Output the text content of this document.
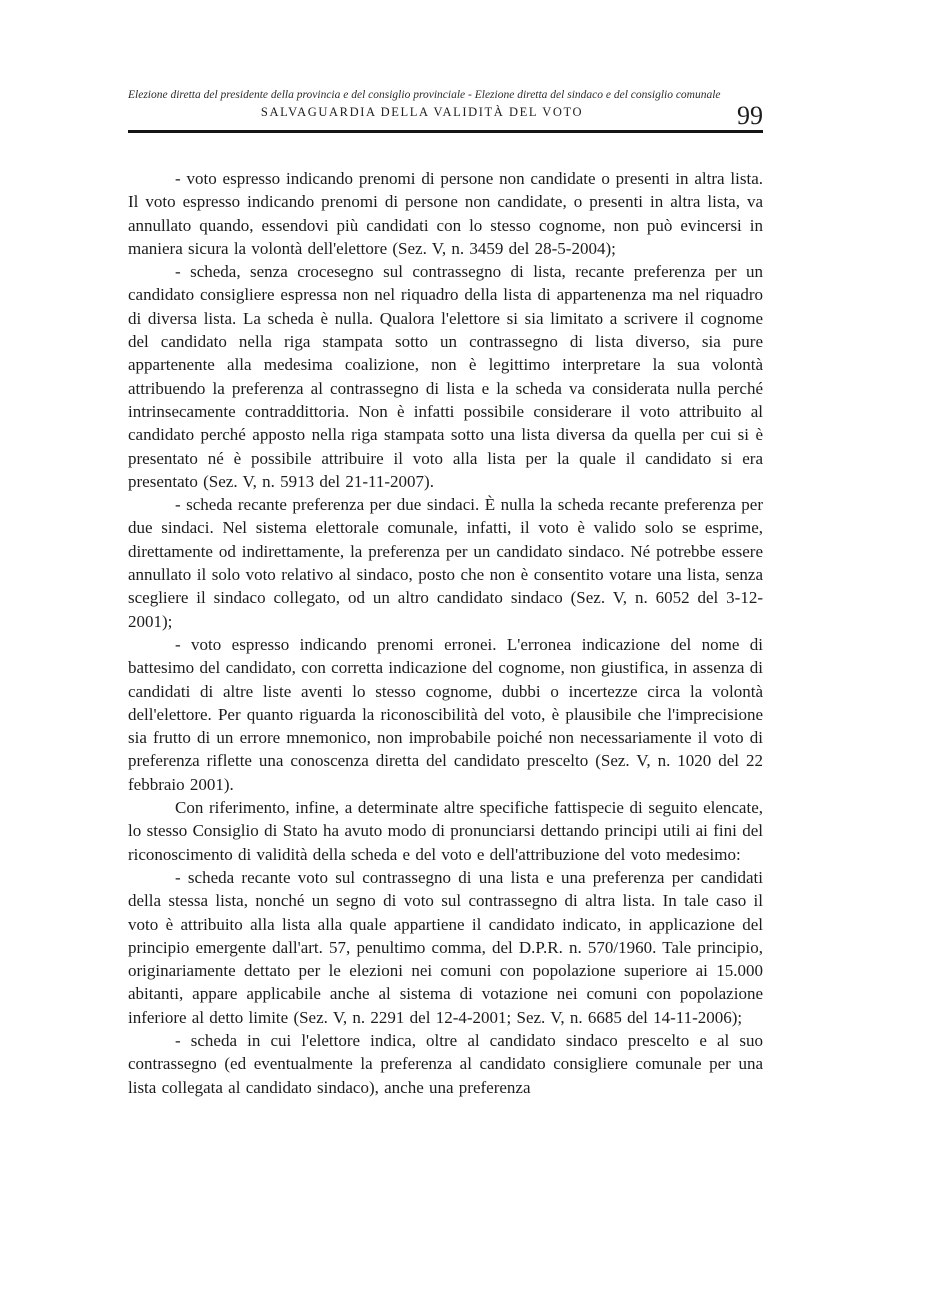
Elezione diretta del presidente della provincia e del consiglio provinciale - Elezione diretta del sindaco e del consiglio comunale
SALVAGUARDIA DELLA VALIDITÀ DEL VOTO	99

- voto espresso indicando prenomi di persone non candidate o presenti in altra lista. Il voto espresso indicando prenomi di persone non candidate, o presenti in altra lista, va annullato quando, essendovi più candidati con lo stesso cognome, non può evincersi in maniera sicura la volontà dell'elettore (Sez. V, n. 3459 del 28-5-2004);

- scheda, senza crocesegno sul contrassegno di lista, recante preferenza per un candidato consigliere espressa non nel riquadro della lista di appartenenza ma nel riquadro di diversa lista. La scheda è nulla. Qualora l'elettore si sia limitato a scrivere il cognome del candidato nella riga stampata sotto un contrassegno di lista diverso, sia pure appartenente alla medesima coalizione, non è legittimo interpretare la sua volontà attribuendo la preferenza al contrassegno di lista e la scheda va considerata nulla perché intrinsecamente contraddittoria. Non è infatti possibile considerare il voto attribuito al candidato perché apposto nella riga stampata sotto una lista diversa da quella per cui si è presentato né è possibile attribuire il voto alla lista per la quale il candidato si era presentato (Sez. V, n. 5913 del 21-11-2007).

- scheda recante preferenza per due sindaci. È nulla la scheda recante preferenza per due sindaci. Nel sistema elettorale comunale, infatti, il voto è valido solo se esprime, direttamente od indirettamente, la preferenza per un candidato sindaco. Né potrebbe essere annullato il solo voto relativo al sindaco, posto che non è consentito votare una lista, senza scegliere il sindaco collegato, od un altro candidato sindaco (Sez. V, n. 6052 del 3-12-2001);

- voto espresso indicando prenomi erronei. L'erronea indicazione del nome di battesimo del candidato, con corretta indicazione del cognome, non giustifica, in assenza di candidati di altre liste aventi lo stesso cognome, dubbi o incertezze circa la volontà dell'elettore. Per quanto riguarda la riconoscibilità del voto, è plausibile che l'imprecisione sia frutto di un errore mnemonico, non improbabile poiché non necessariamente il voto di preferenza riflette una conoscenza diretta del candidato prescelto (Sez. V, n. 1020 del 22 febbraio 2001).

Con riferimento, infine, a determinate altre specifiche fattispecie di seguito elencate, lo stesso Consiglio di Stato ha avuto modo di pronunciarsi dettando principi utili ai fini del riconoscimento di validità della scheda e del voto e dell'attribuzione del voto medesimo:

- scheda recante voto sul contrassegno di una lista e una preferenza per candidati della stessa lista, nonché un segno di voto sul contrassegno di altra lista. In tale caso il voto è attribuito alla lista alla quale appartiene il candidato indicato, in applicazione del principio emergente dall'art. 57, penultimo comma, del D.P.R. n. 570/1960. Tale principio, originariamente dettato per le elezioni nei comuni con popolazione superiore ai 15.000 abitanti, appare applicabile anche al sistema di votazione nei comuni con popolazione inferiore al detto limite (Sez. V, n. 2291 del 12-4-2001; Sez. V, n. 6685 del 14-11-2006);

- scheda in cui l'elettore indica, oltre al candidato sindaco prescelto e al suo contrassegno (ed eventualmente la preferenza al candidato consigliere comunale per una lista collegata al candidato sindaco), anche una preferenza
